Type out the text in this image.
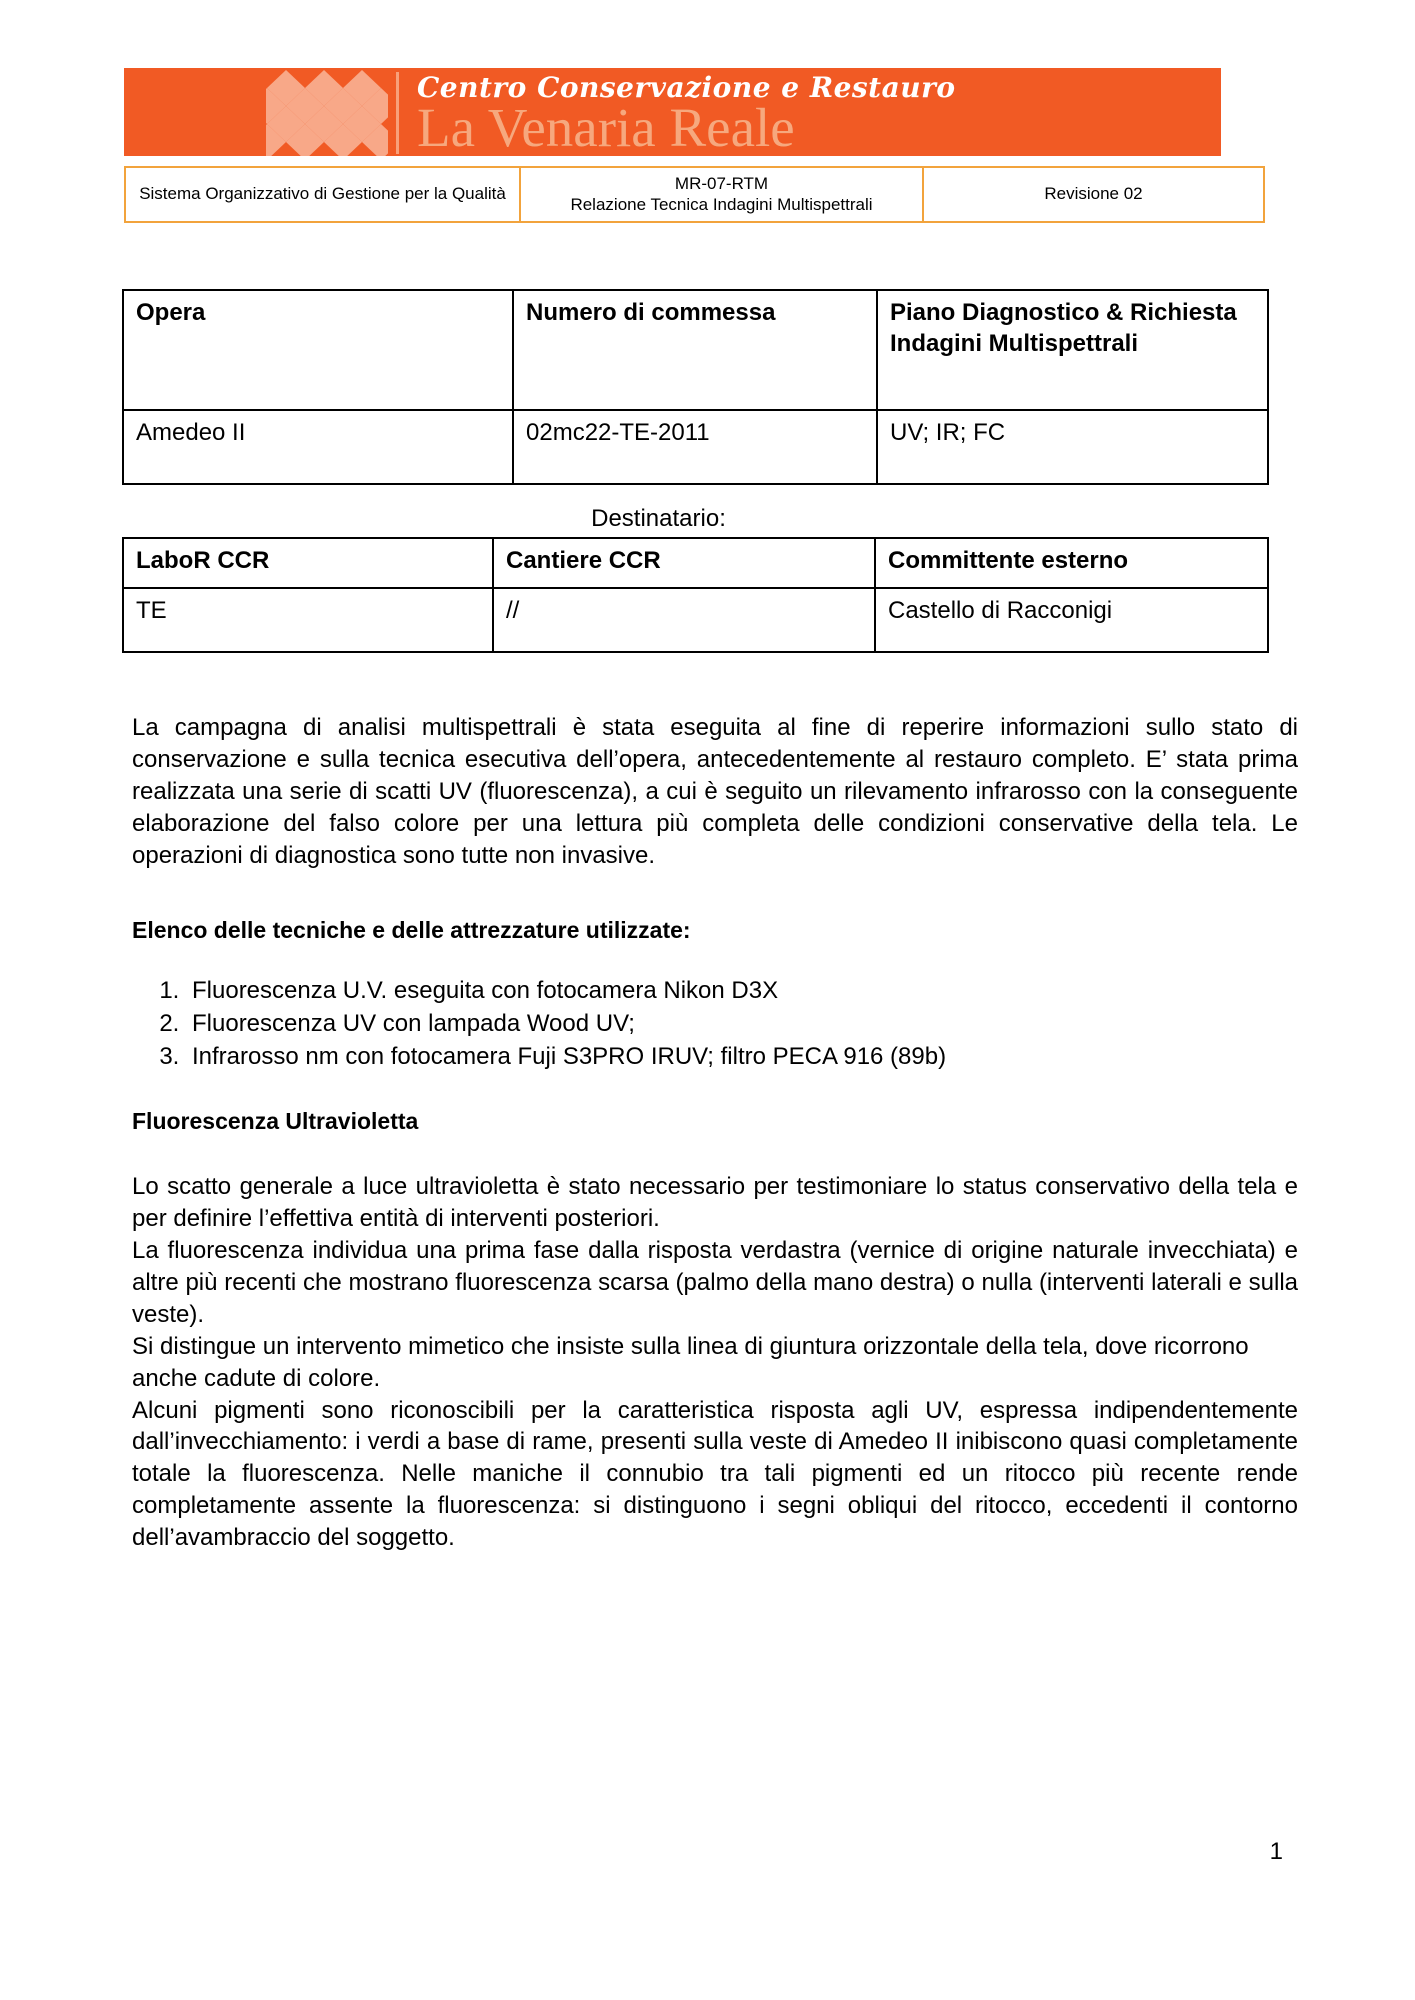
Centro Conservazione e Restauro
La Venaria Reale
Sistema Organizzativo di Gestione per la Qualità	
MR-07-RTM
Relazione Tecnica Indagini Multispettrali
	Revisione 02
Opera	Numero di commessa	Piano Diagnostico & Richiesta Indagini Multispettrali
Amedeo II	02mc22-TE-2011	UV; IR; FC
Destinatario:
LaboR CCR	Cantiere CCR	Committente esterno
TE	//	Castello di Racconigi

La campagna di analisi multispettrali è stata eseguita al fine di reperire informazioni sullo stato di conservazione e sulla tecnica esecutiva dell’opera, antecedentemente al restauro completo. E’ stata prima realizzata una serie di scatti UV (fluorescenza), a cui è seguito un rilevamento infrarosso con la conseguente elaborazione del falso colore per una lettura più completa delle condizioni conservative della tela. Le operazioni di diagnostica sono tutte non invasive.

Elenco delle tecniche e delle attrezzature utilizzate:
1. Fluorescenza U.V. eseguita con fotocamera Nikon D3X
2. Fluorescenza UV con lampada Wood UV;
3. Infrarosso nm con fotocamera Fuji S3PRO IRUV; filtro PECA 916 (89b)
Fluorescenza Ultravioletta

Lo scatto generale a luce ultravioletta è stato necessario per testimoniare lo status conservativo della tela e per definire l’effettiva entità di interventi posteriori.

La fluorescenza individua una prima fase dalla risposta verdastra (vernice di origine naturale invecchiata) e altre più recenti che mostrano fluorescenza scarsa (palmo della mano destra) o nulla (interventi laterali e sulla veste).

Si distingue un intervento mimetico che insiste sulla linea di giuntura orizzontale della tela, dove ricorrono anche cadute di colore.

Alcuni pigmenti sono riconoscibili per la caratteristica risposta agli UV, espressa indipendentemente dall’invecchiamento: i verdi a base di rame, presenti sulla veste di Amedeo II inibiscono quasi completamente totale la fluorescenza. Nelle maniche il connubio tra tali pigmenti ed un ritocco più recente rende completamente assente la fluorescenza: si distinguono i segni obliqui del ritocco, eccedenti il contorno dell’avambraccio del soggetto.

1
